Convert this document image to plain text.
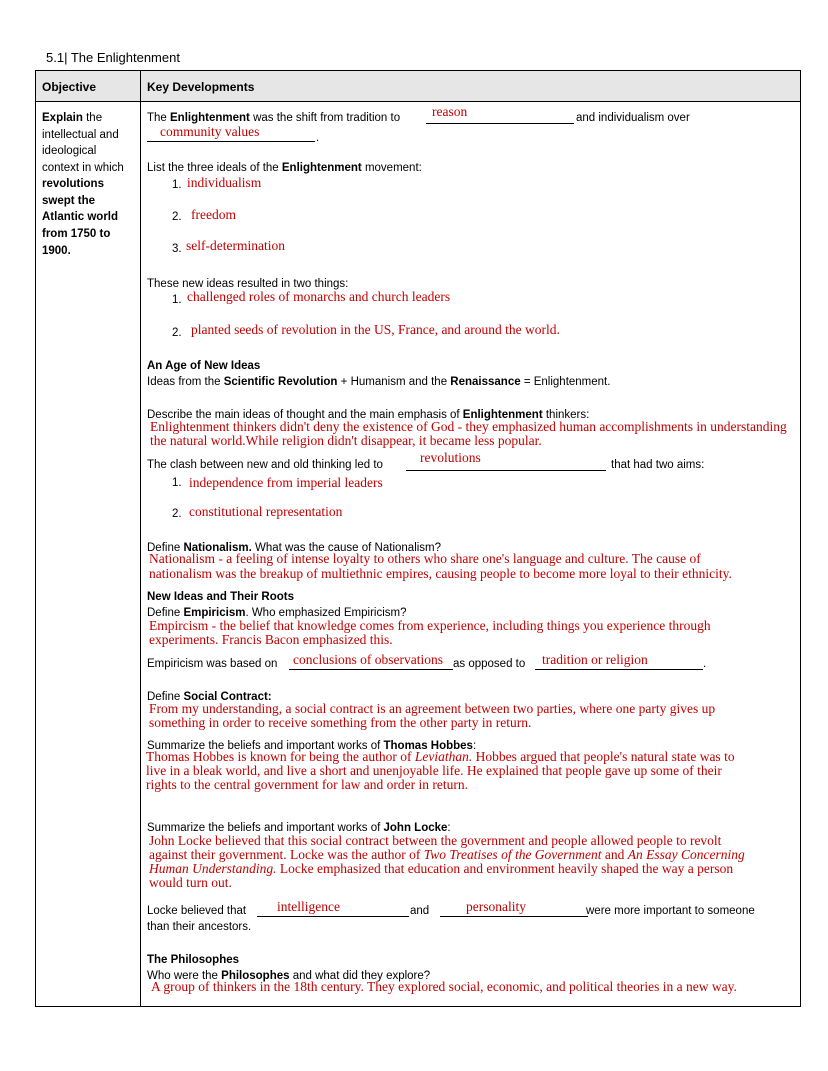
5.1| The Enlightenment
Objective	Key Developments
Explain the
intellectual and
ideological
context in which
revolutions
swept the
Atlantic world
from 1750 to
1900.
The Enlightenment was the shift from tradition to reason	and individualism over
community values	.
List the three ideals of the Enlightenment movement:
1. individualism
2. freedom
3. self-determination
These new ideas resulted in two things:
1. challenged roles of monarchs and church leaders
2. planted seeds of revolution in the US, France, and around the world.
An Age of New Ideas
Ideas from the Scientific Revolution + Humanism and the Renaissance = Enlightenment.
Describe the main ideas of thought and the main emphasis of Enlightenment thinkers:
Enlightenment thinkers didn't deny the existence of God - they emphasized human accomplishments in understanding
the natural world.While religion didn't disappear, it became less popular.
The clash between new and old thinking led to	revolutions	that had two aims:
1. independence from imperial leaders
2. constitutional representation
Define Nationalism. What was the cause of Nationalism?
Nationalism - a feeling of intense loyalty to others who share one's language and culture. The cause of
nationalism was the breakup of multiethnic empires, causing people to become more loyal to their ethnicity.
New Ideas and Their Roots
Define Empiricism. Who emphasized Empiricism?
Empircism - the belief that knowledge comes from experience, including things you experience through
experiments. Francis Bacon emphasized this.
Empiricism was based on conclusions of observations as opposed to tradition or religion	.
Define Social Contract:
From my understanding, a social contract is an agreement between two parties, where one party gives up
something in order to receive something from the other party in return.
Summarize the beliefs and important works of Thomas Hobbes:
Thomas Hobbes is known for being the author of Leviathan. Hobbes argued that people's natural state was to
live in a bleak world, and live a short and unenjoyable life. He explained that people gave up some of their
rights to the central government for law and order in return.
Summarize the beliefs and important works of John Locke:
John Locke believed that this social contract between the government and people allowed people to revolt
against their government. Locke was the author of Two Treatises of the Government and An Essay Concerning
Human Understanding. Locke emphasized that education and environment heavily shaped the way a person
would turn out.
Locke believed that intelligence	and	personality	were more important to someone
than their ancestors.
The Philosophes
Who were the Philosophes and what did they explore?
A group of thinkers in the 18th century. They explored social, economic, and political theories in a new way.
